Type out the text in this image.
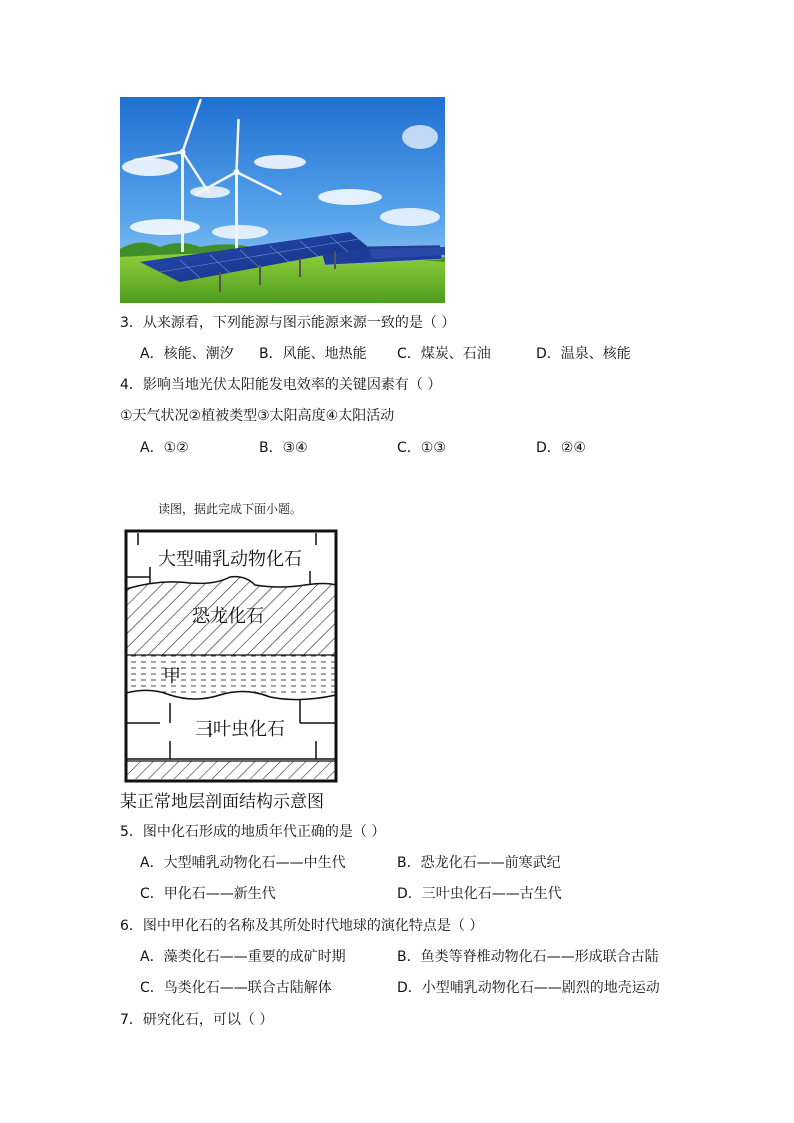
3．从来源看，下列能源与图示能源来源一致的是（ ）
A．核能、潮汐 B．风能、地热能 C．煤炭、石油	D．温泉、核能
4．影响当地光伏太阳能发电效率的关键因素有（ ）
①天气状况②植被类型③太阳高度④太阳活动
A．①②	B．③④	C．①③	D．②④
读图，据此完成下面小题。
大型哺乳动物化石
恐龙化石
甲
三叶虫化石
某正常地层剖面结构示意图
5．图中化石形成的地质年代正确的是（ ）
A．大型哺乳动物化石——中生代	B．恐龙化石——前寒武纪
C．甲化石——新生代	D．三叶虫化石——古生代
6．图中甲化石的名称及其所处时代地球的演化特点是（ ）
A．藻类化石——重要的成矿时期	B．鱼类等脊椎动物化石——形成联合古陆
C．鸟类化石——联合古陆解体	D．小型哺乳动物化石——剧烈的地壳运动
7．研究化石，可以（ ）
